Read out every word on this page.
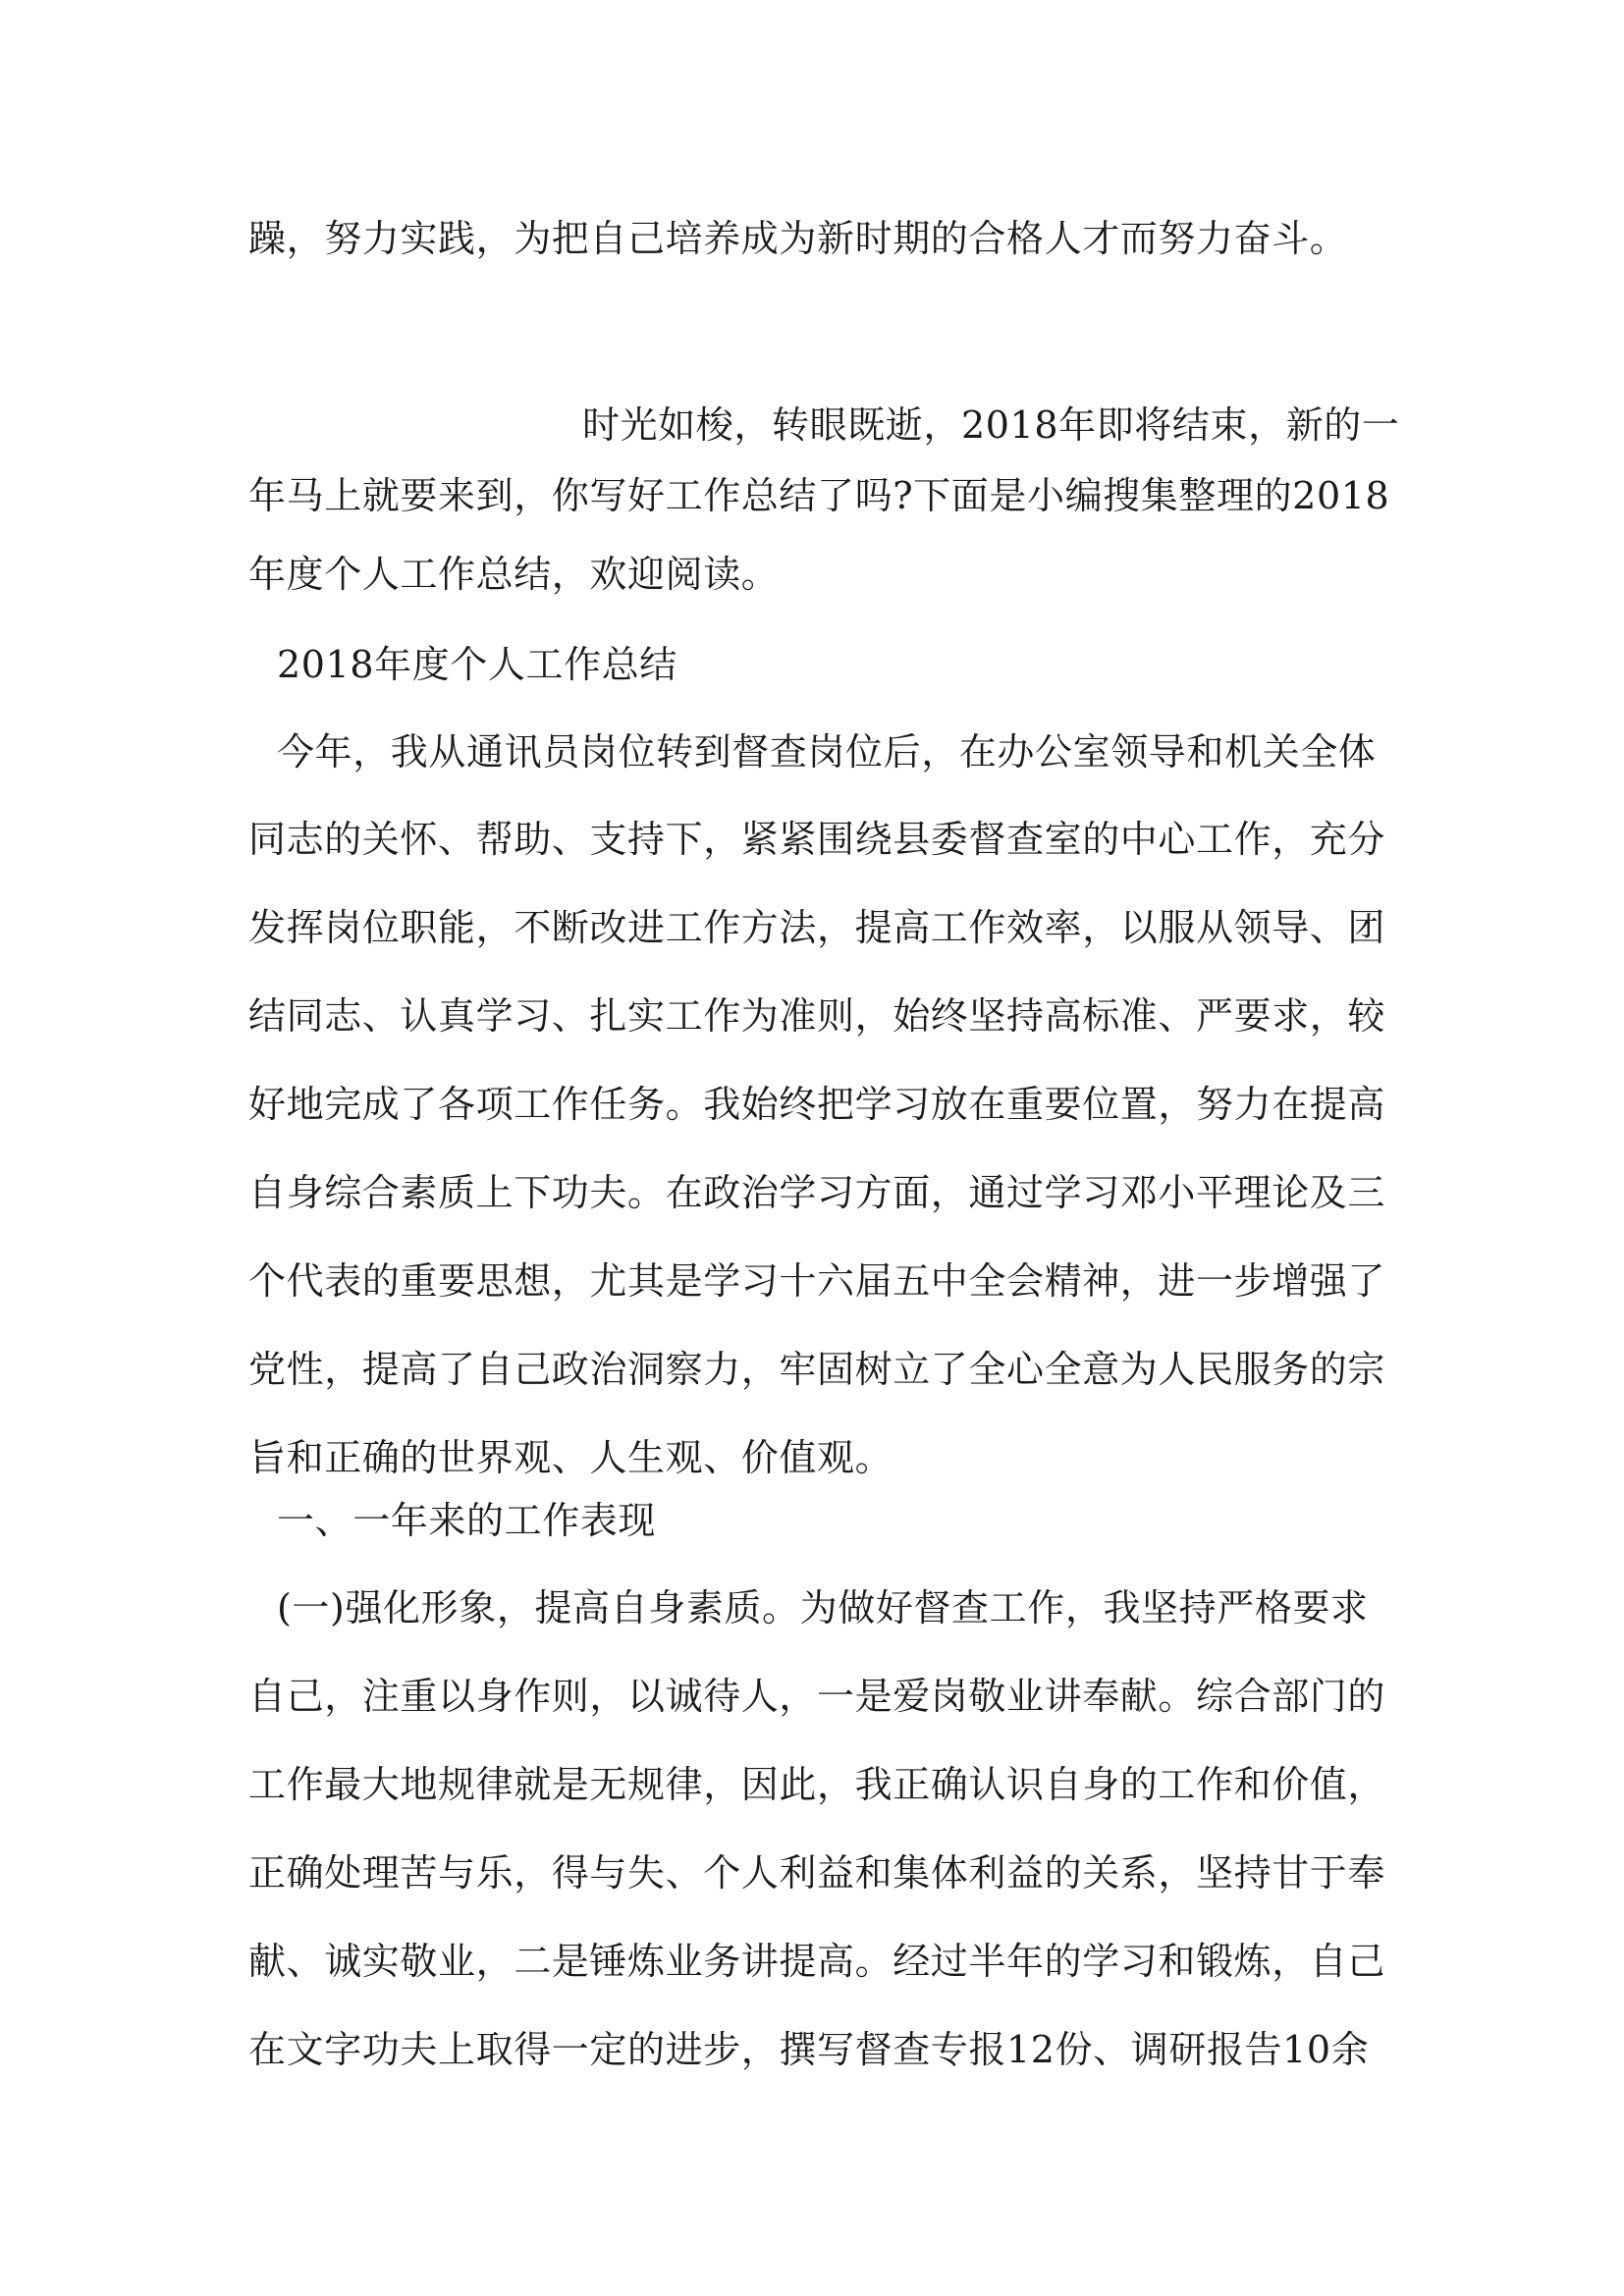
躁，努力实践，为把自己培养成为新时期的合格人才而努力奋斗。
时光如梭，转眼既逝，2018年即将结束，新的一
年马上就要来到，你写好工作总结了吗?下面是小编搜集整理的2018
年度个人工作总结，欢迎阅读。
2018年度个人工作总结
今年，我从通讯员岗位转到督查岗位后，在办公室领导和机关全体
同志的关怀、帮助、支持下，紧紧围绕县委督查室的中心工作，充分
发挥岗位职能，不断改进工作方法，提高工作效率，以服从领导、团
结同志、认真学习、扎实工作为准则，始终坚持高标准、严要求，较
好地完成了各项工作任务。我始终把学习放在重要位置，努力在提高
自身综合素质上下功夫。在政治学习方面，通过学习邓小平理论及三
个代表的重要思想，尤其是学习十六届五中全会精神，进一步增强了
党性，提高了自己政治洞察力，牢固树立了全心全意为人民服务的宗
旨和正确的世界观、人生观、价值观。
一、一年来的工作表现
(一)强化形象，提高自身素质。为做好督查工作，我坚持严格要求
自己，注重以身作则，以诚待人，一是爱岗敬业讲奉献。综合部门的
工作最大地规律就是无规律，因此，我正确认识自身的工作和价值，
正确处理苦与乐，得与失、个人利益和集体利益的关系，坚持甘于奉
献、诚实敬业，二是锤炼业务讲提高。经过半年的学习和锻炼，自己
在文字功夫上取得一定的进步，撰写督查专报12份、调研报告10余
